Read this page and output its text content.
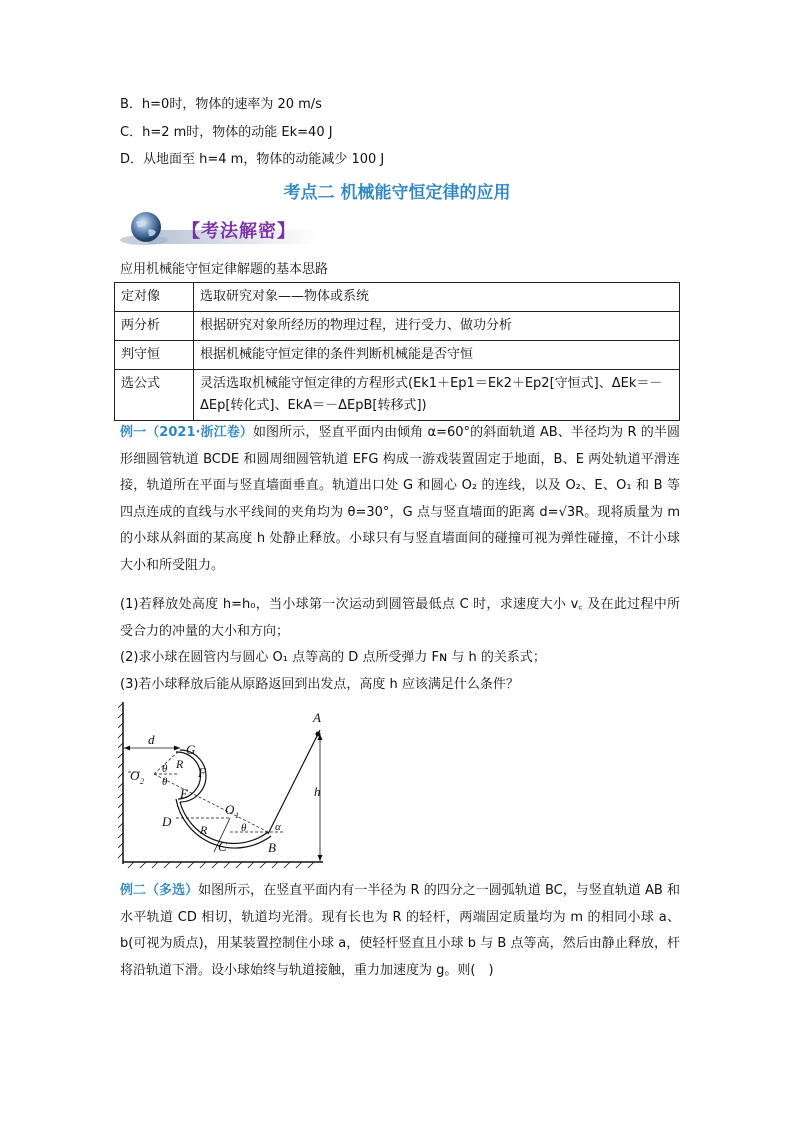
B．h=0时，物体的速率为 20 m/s
C．h=2 m时，物体的动能 Ek=40 J
D．从地面至 h=4 m，物体的动能减少 100 J
考点二 机械能守恒定律的应用
【考法解密】
应用机械能守恒定律解题的基本思路
定对像	选取研究对象——物体或系统
两分析	根据研究对象所经历的物理过程，进行受力、做功分析
判守恒	根据机械能守恒定律的条件判断机械能是否守恒
选公式	灵活选取机械能守恒定律的方程形式(Ek1＋Ep1＝Ek2＋Ep2[守恒式]、ΔEk＝－ΔEp[转化式]、EkA＝－ΔEpB[转移式])
例一（2021·浙江卷）如图所示，竖直平面内由倾角 α=60°的斜面轨道 AB、半径均为 R 的半圆形细圆管轨道 BCDE 和圆周细圆管轨道 EFG 构成一游戏装置固定于地面，B、E 两处轨道平滑连接，轨道所在平面与竖直墙面垂直。轨道出口处 G 和圆心 O₂ 的连线，以及 O₂、E、O₁ 和 B 等四点连成的直线与水平线间的夹角均为 θ=30°，G 点与竖直墙面的距离 d=√3R。现将质量为 m 的小球从斜面的某高度 h 处静止释放。小球只有与竖直墙面间的碰撞可视为弹性碰撞，不计小球大小和所受阻力。
(1)若释放处高度 h=h₀，当小球第一次运动到圆管最低点 C 时，求速度大小 v꜀ 及在此过程中所受合力的冲量的大小和方向；
(2)求小球在圆管内与圆心 O₁ 点等高的 D 点所受弹力 Fɴ 与 h 的关系式；
(3)若小球释放后能从原路返回到出发点，高度 h 应该满足什么条件？
A
B
C
D
E
F
G
O 1
O 2
d
R
R
h
θ
θ
θ	α
例二（多选）如图所示，在竖直平面内有一半径为 R 的四分之一圆弧轨道 BC，与竖直轨道 AB 和水平轨道 CD 相切，轨道均光滑。现有长也为 R 的轻杆，两端固定质量均为 m 的相同小球 a、b(可视为质点)，用某装置控制住小球 a，使轻杆竖直且小球 b 与 B 点等高，然后由静止释放，杆将沿轨道下滑。设小球始终与轨道接触，重力加速度为 g。则(　)
